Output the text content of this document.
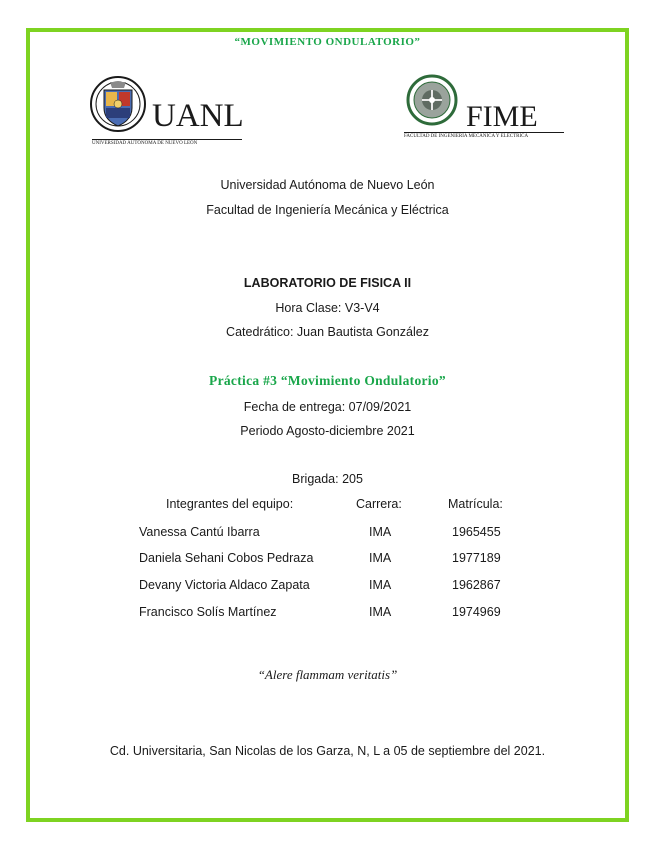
“MOVIMIENTO ONDULATORIO”
UANL
UNIVERSIDAD AUTÓNOMA DE NUEVO LEÓN
FIME
FACULTAD DE INGENIERÍA MECÁNICA Y ELÉCTRICA
Universidad Autónoma de Nuevo León
Facultad de Ingeniería Mecánica y Eléctrica
LABORATORIO DE FISICA II
Hora Clase: V3-V4
Catedrático: Juan Bautista González
Práctica #3 “Movimiento Ondulatorio”
Fecha de entrega: 07/09/2021
Periodo Agosto-diciembre 2021
Brigada: 205
Integrantes del equipo:	Carrera:	Matrícula:
Vanessa Cantú Ibarra	IMA	1965455
Daniela Sehani Cobos Pedraza	IMA	1977189
Devany Victoria Aldaco Zapata	IMA	1962867
Francisco Solís Martínez	IMA	1974969
“Alere flammam veritatis”
Cd. Universitaria, San Nicolas de los Garza, N, L a 05 de septiembre del 2021.
